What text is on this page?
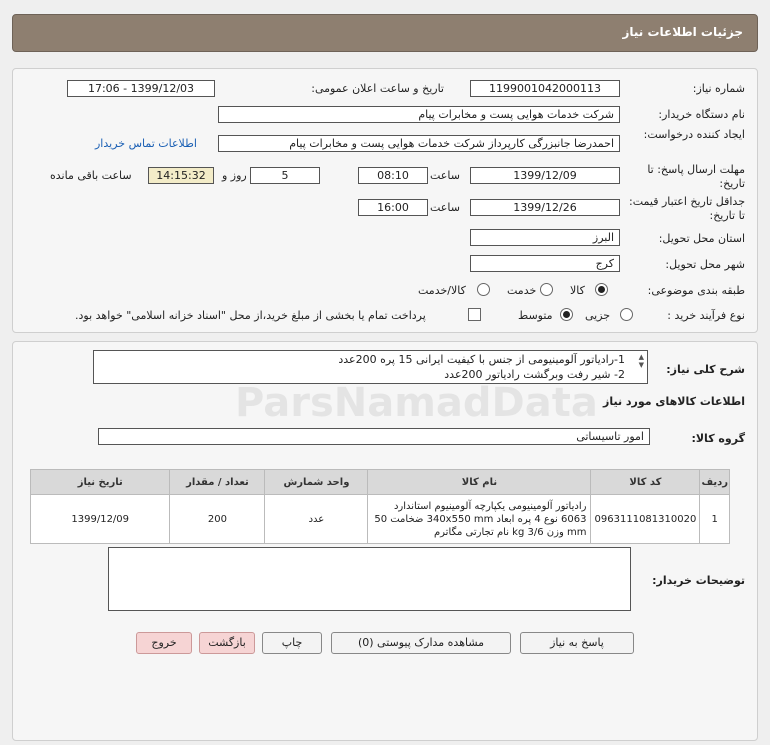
جزئیات اطلاعات نیاز
شماره نیاز:
1199001042000113
تاریخ و ساعت اعلان عمومی:
1399/12/03 - 17:06
نام دستگاه خریدار:
شرکت خدمات هوایی پست و مخابرات پیام
ایجاد کننده درخواست:
احمدرضا جانبزرگی کارپرداز شرکت خدمات هوایی پست و مخابرات پیام
اطلاعات تماس خریدار
مهلت ارسال پاسخ: تا تاریخ:
1399/12/09
ساعت
08:10
5
روز و
14:15:32
ساعت باقی مانده
جداقل تاریخ اعتبار قیمت: تا تاریخ:
1399/12/26
ساعت
16:00
استان محل تحویل:
البرز
شهر محل تحویل:
کرج
طبقه بندی موضوعی:
کالا
خدمت
کالا/خدمت
نوع فرآیند خرید :
جزیی
متوسط
پرداخت تمام یا بخشی از مبلغ خرید،از محل "اسناد خزانه اسلامی" خواهد بود.
شرح کلی نیاز:
1-رادیاتور آلومینیومی از جنس با کیفیت ایرانی 15 پره 200عدد
2- شیر رفت وبرگشت رادیاتور 200عدد
▲
▼
اطلاعات کالاهای مورد نیاز
گروه کالا:
امور تاسیساتی
ردیف	کد کالا	نام کالا	واحد شمارش	تعداد / مقدار	تاریخ نیاز
1	0963111081310020	رادیاتور آلومینیومی یکپارچه آلومینیوم استاندارد 6063 نوع 4 پره ابعاد 340x550 mm ضخامت 50 mm وزن 3/6 kg نام تجارتی مگاترم	عدد	200	1399/12/09
توضیحات خریدار:
پاسخ به نیاز
مشاهده مدارک پیوستی (0)
چاپ
بازگشت
خروج
